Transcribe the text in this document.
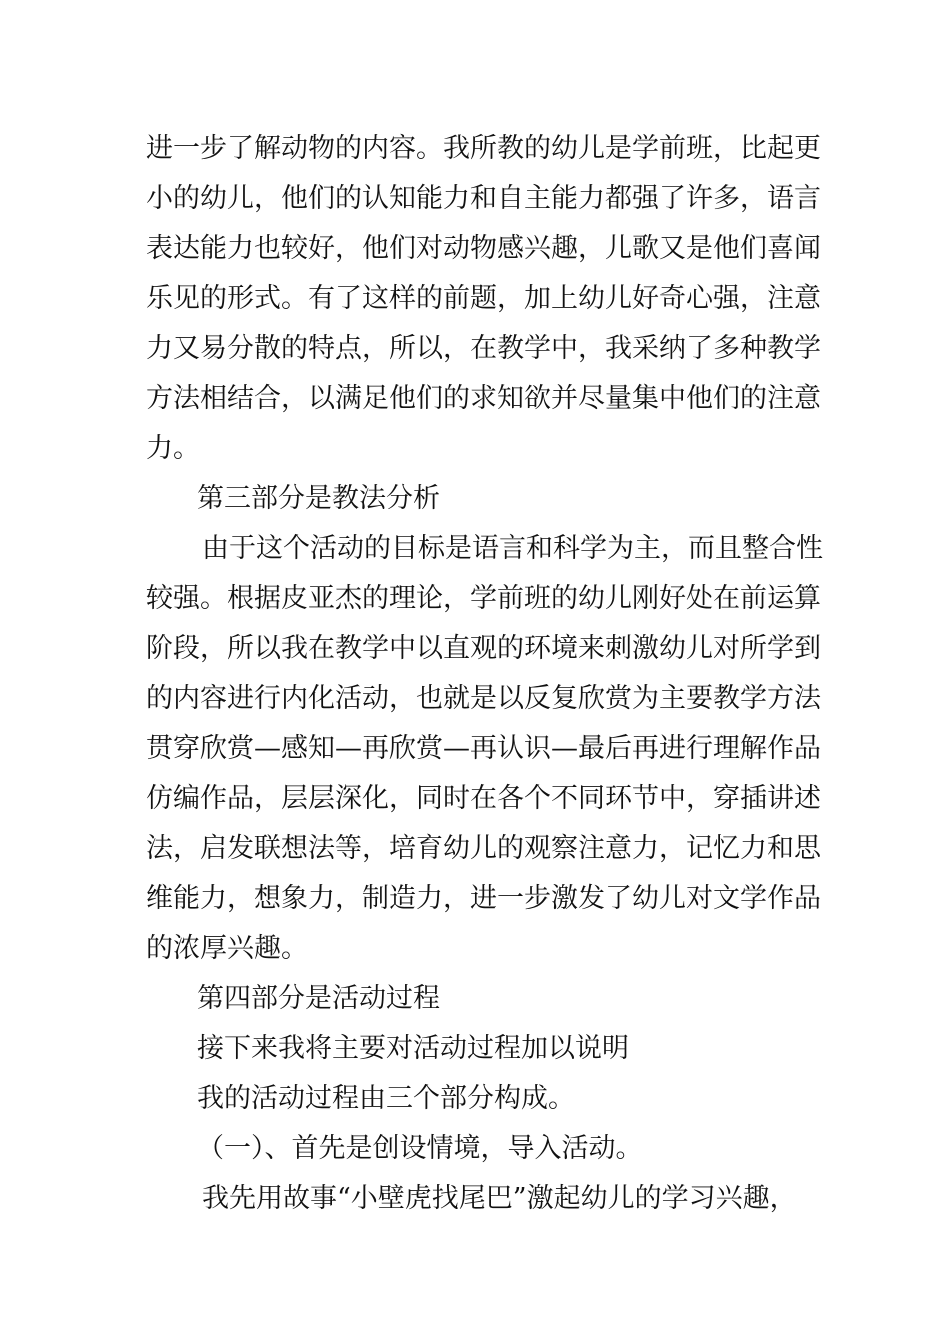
进一步了解动物的内容。我所教的幼儿是学前班，比起更
小的幼儿，他们的认知能力和自主能力都强了许多，语言
表达能力也较好，他们对动物感兴趣，儿歌又是他们喜闻
乐见的形式。有了这样的前题，加上幼儿好奇心强，注意
力又易分散的特点，所以，在教学中，我采纳了多种教学
方法相结合，以满足他们的求知欲并尽量集中他们的注意
力。
第三部分是教法分析
由于这个活动的目标是语言和科学为主，而且整合性
较强。根据皮亚杰的理论，学前班的幼儿刚好处在前运算
阶段，所以我在教学中以直观的环境来刺激幼儿对所学到
的内容进行内化活动，也就是以反复欣赏为主要教学方法
贯穿欣赏—感知—再欣赏—再认识—最后再进行理解作品
仿编作品，层层深化，同时在各个不同环节中，穿插讲述
法，启发联想法等，培育幼儿的观察注意力，记忆力和思
维能力，想象力，制造力，进一步激发了幼儿对文学作品
的浓厚兴趣。
第四部分是活动过程
接下来我将主要对活动过程加以说明
我的活动过程由三个部分构成。
（一）、首先是创设情境，导入活动。
我先用故事“小壁虎找尾巴”激起幼儿的学习兴趣，
